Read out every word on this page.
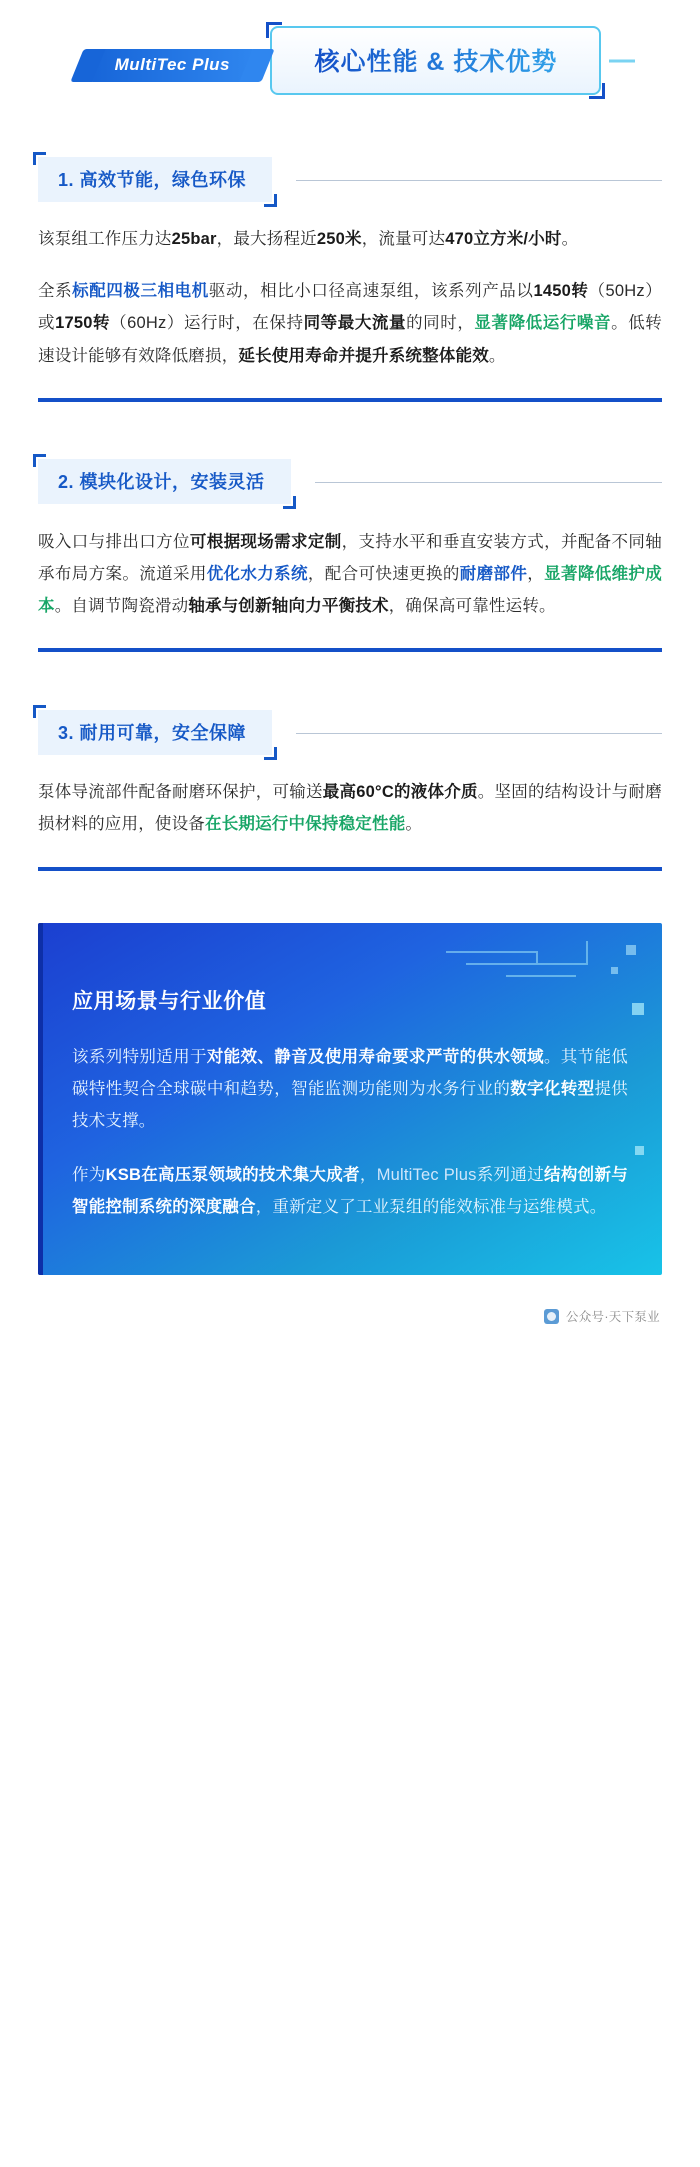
MultiTec Plus	核心性能 & 技术优势
1. 高效节能，绿色环保

该泵组工作压力达25bar，最大扬程近250米，流量可达470立方米/小时。

全系标配四极三相电机驱动，相比小口径高速泵组，该系列产品以1450转（50Hz）或1750转（60Hz）运行时，在保持同等最大流量的同时，显著降低运行噪音。低转速设计能够有效降低磨损，延长使用寿命并提升系统整体能效。

2. 模块化设计，安装灵活

吸入口与排出口方位可根据现场需求定制，支持水平和垂直安装方式，并配备不同轴承布局方案。流道采用优化水力系统，配合可快速更换的耐磨部件，显著降低维护成本。自调节陶瓷滑动轴承与创新轴向力平衡技术，确保高可靠性运转。

3. 耐用可靠，安全保障

泵体导流部件配备耐磨环保护，可输送最高60°C的液体介质。坚固的结构设计与耐磨损材料的应用，使设备在长期运行中保持稳定性能。

应用场景与行业价值

该系列特别适用于对能效、静音及使用寿命要求严苛的供水领域。其节能低碳特性契合全球碳中和趋势，智能监测功能则为水务行业的数字化转型提供技术支撑。

作为KSB在高压泵领域的技术集大成者，MultiTec Plus系列通过结构创新与智能控制系统的深度融合，重新定义了工业泵组的能效标准与运维模式。

公众号·天下泵业
